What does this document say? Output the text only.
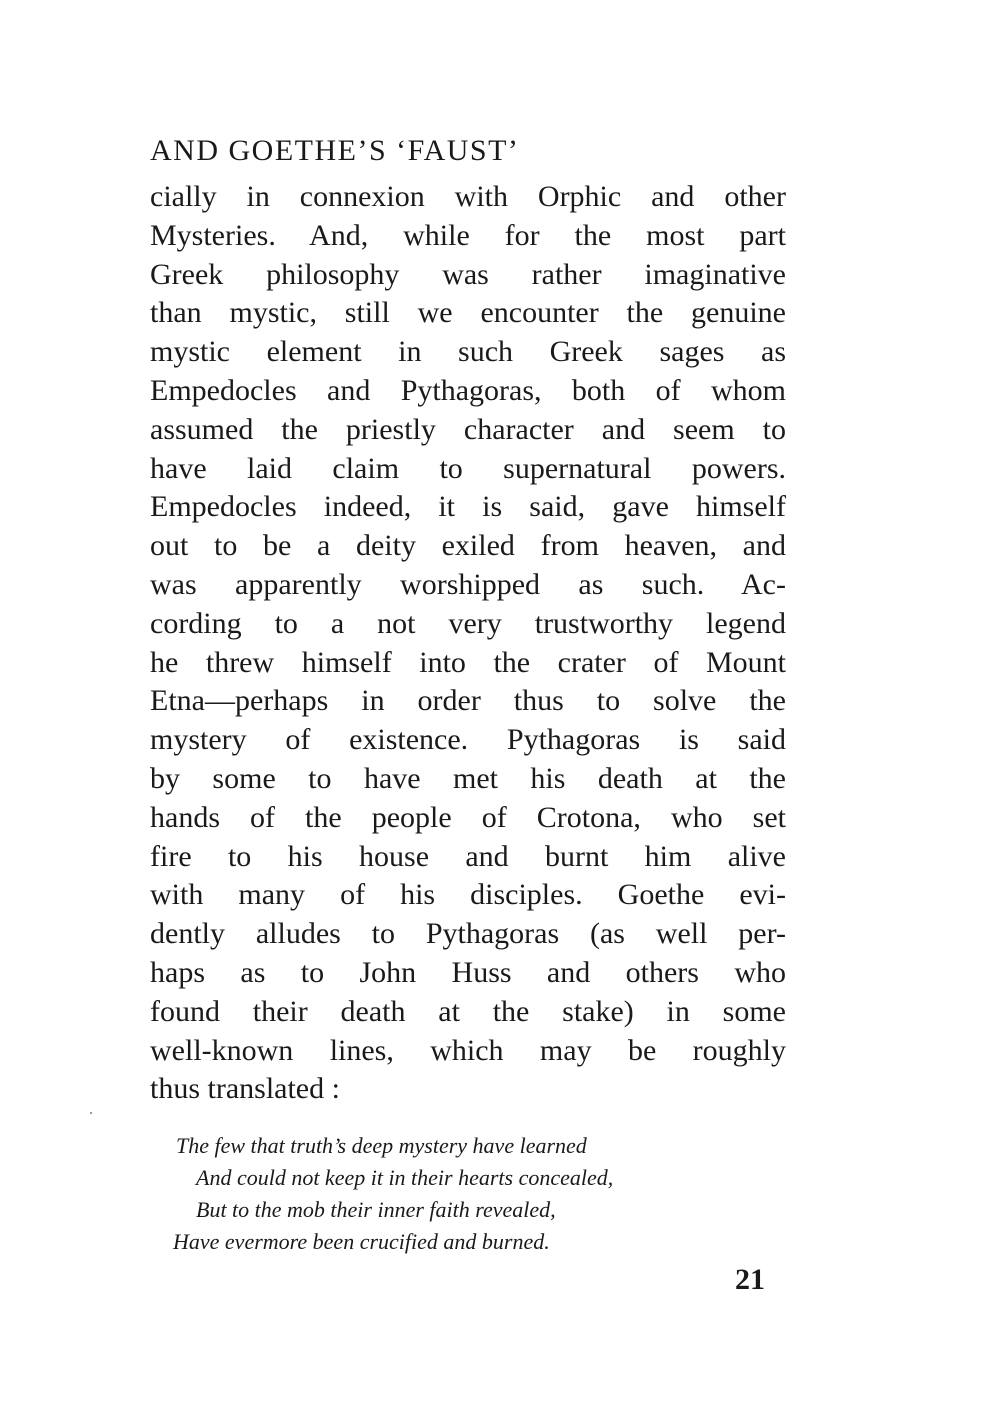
AND GOETHE’S ‘FAUST’
cially in connexion with Orphic and other
Mysteries. And, while for the most part
Greek philosophy was rather imaginative
than mystic, still we encounter the genuine
mystic element in such Greek sages as
Empedocles and Pythagoras, both of whom
assumed the priestly character and seem to
have laid claim to supernatural powers.
Empedocles indeed, it is said, gave himself
out to be a deity exiled from heaven, and
was apparently worshipped as such. Ac-
cording to a not very trustworthy legend
he threw himself into the crater of Mount
Etna—perhaps in order thus to solve the
mystery of existence. Pythagoras is said
by some to have met his death at the
hands of the people of Crotona, who set
fire to his house and burnt him alive
with many of his disciples. Goethe evi-
dently alludes to Pythagoras (as well per-
haps as to John Huss and others who
found their death at the stake) in some
well-known lines, which may be roughly
thus translated :
The few that truth’s deep mystery have learned
And could not keep it in their hearts concealed,
But to the mob their inner faith revealed,
Have evermore been crucified and burned.
21
